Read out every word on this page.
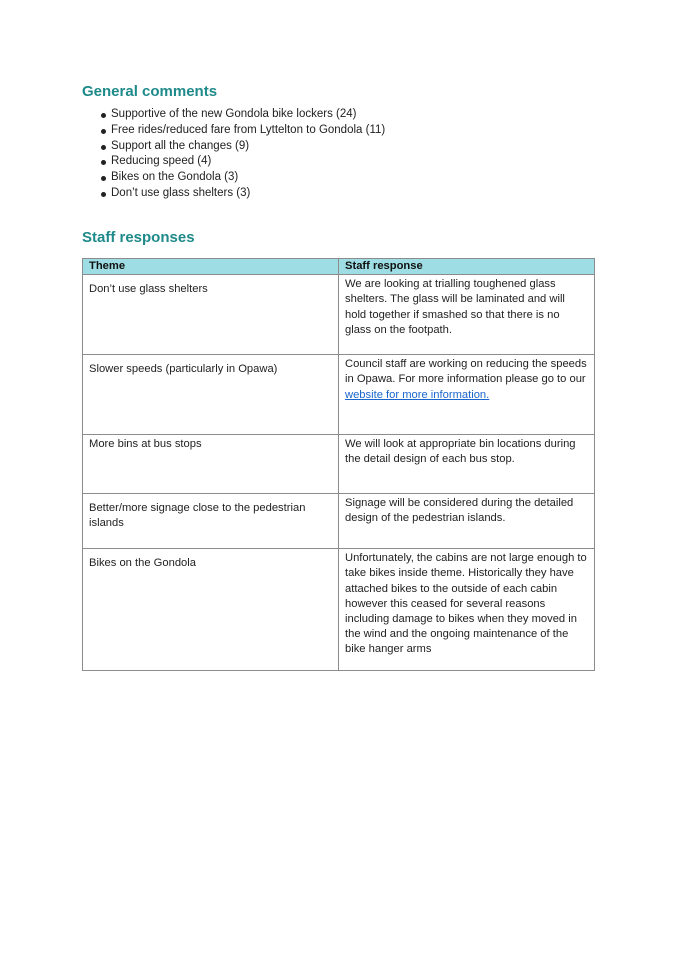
General comments
Supportive of the new Gondola bike lockers (24)
Free rides/reduced fare from Lyttelton to Gondola (11)
Support all the changes (9)
Reducing speed (4)
Bikes on the Gondola (3)
Don’t use glass shelters (3)
Staff responses
Theme	Staff response
Don’t use glass shelters	We are looking at trialling toughened glass shelters. The glass will be laminated and will hold together if smashed so that there is no glass on the footpath.
Slower speeds (particularly in Opawa)	Council staff are working on reducing the speeds in Opawa. For more information please go to our website for more information.
More bins at bus stops	We will look at appropriate bin locations during the detail design of each bus stop.
Better/more signage close to the pedestrian islands	Signage will be considered during the detailed design of the pedestrian islands.
Bikes on the Gondola	Unfortunately, the cabins are not large enough to take bikes inside theme. Historically they have attached bikes to the outside of each cabin however this ceased for several reasons including damage to bikes when they moved in the wind and the ongoing maintenance of the bike hanger arms
